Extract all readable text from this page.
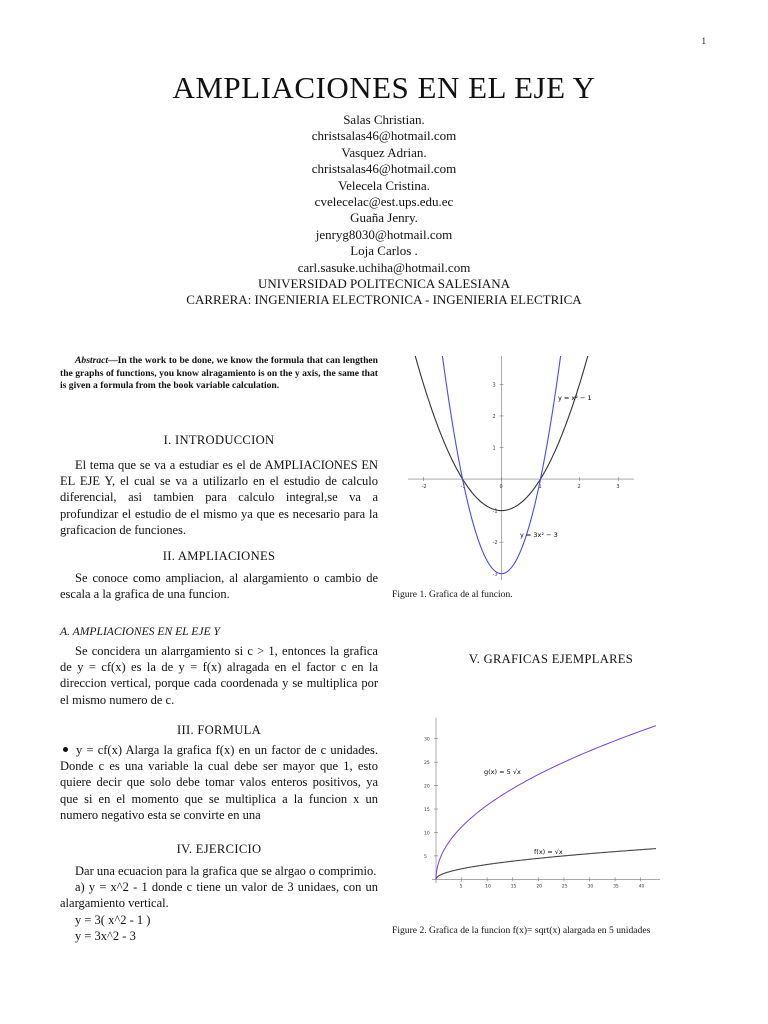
1
AMPLIACIONES EN EL EJE Y
Salas Christian.
christsalas46@hotmail.com
Vasquez Adrian.
christsalas46@hotmail.com
Velecela Cristina.
cvelecelac@est.ups.edu.ec
Guaña Jenry.
jenryg8030@hotmail.com
Loja Carlos .
carl.sasuke.uchiha@hotmail.com
UNIVERSIDAD POLITECNICA SALESIANA
CARRERA: INGENIERIA ELECTRONICA - INGENIERIA ELECTRICA

Abstract—In the work to be done, we know the formula that can lengthen the graphs of functions, you know alragamiento is on the y axis, the same that is given a formula from the book variable calculation.

I. INTRODUCCION

El tema que se va a estudiar es el de AMPLIACIONES EN EL EJE Y, el cual se va a utilizarlo en el estudio de calculo diferencial, asi tambien para calculo integral,se va a profundizar el estudio de el mismo ya que es necesario para la graficacion de funciones.

II. AMPLIACIONES

Se conoce como ampliacion, al alargamiento o cambio de escala a la grafica de una funcion.

A. AMPLIACIONES EN EL EJE Y

Se concidera un alarrgamiento si c > 1, entonces la grafica de y = cf(x) es la de y = f(x) alragada en el factor c en la direccion vertical, porque cada coordenada y se multiplica por el mismo numero de c.

III. FORMULA

y = cf(x) Alarga la grafica f(x) en un factor de c unidades. Donde c es una variable la cual debe ser mayor que 1, esto quiere decir que solo debe tomar valos enteros positivos, ya que si en el momento que se multiplica a la funcion x un numero negativo esta se convirte en una

IV. EJERCICIO

Dar una ecuacion para la grafica que se alrgao o comprimio.

a) y = x^2 - 1 donde c tiene un valor de 3 unidaes, con un alargamiento vertical.

y = 3( x^2 - 1 )

y = 3x^2 - 3

-2	-1	0	1	2	3
3
2
1
-1
-2
-3
y = x² − 1
y = 3x² − 3
Figure 1. Grafica de al funcion.
V. GRAFICAS EJEMPLARES
5	10	15	20	25	30	35	40
5
10
15
20
25
30
g(x) = 5 √x
f(x) = √x
Figure 2. Grafica de la funcion f(x)= sqrt(x) alargada en 5 unidades
